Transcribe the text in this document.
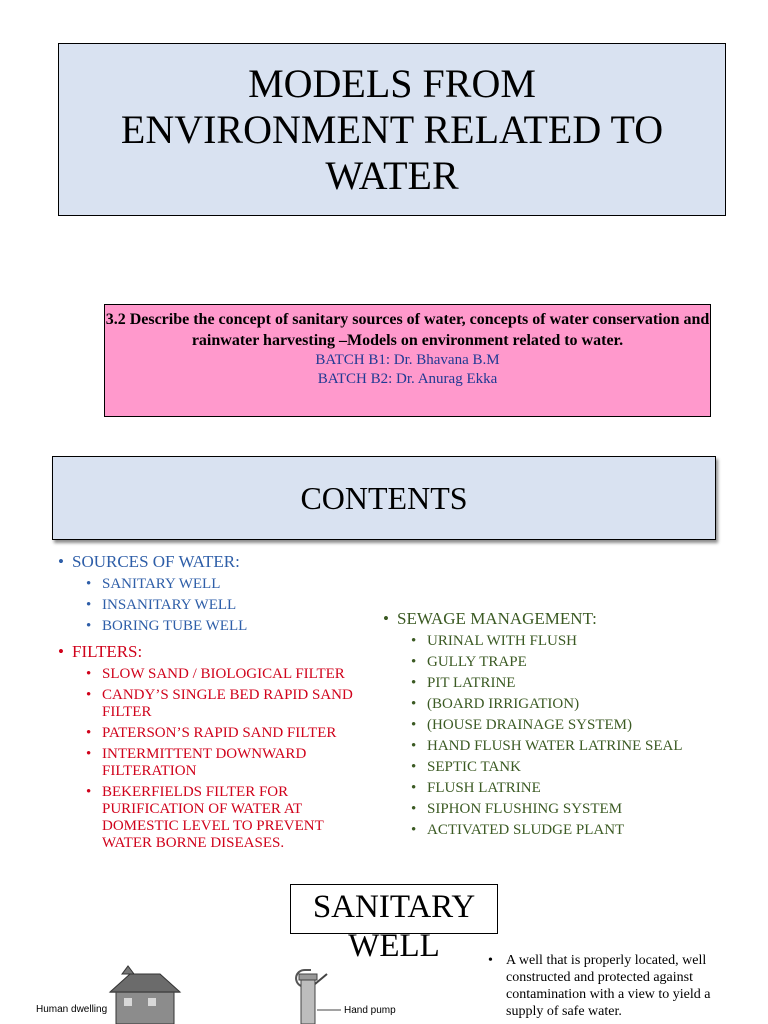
MODELS FROM
ENVIRONMENT RELATED TO
WATER
3.2 Describe the concept of sanitary sources of water, concepts of water conservation and rainwater harvesting –Models on environment related to water.
BATCH B1: Dr. Bhavana B.M
BATCH B2: Dr. Anurag Ekka
CONTENTS
• SOURCES OF WATER:
• SANITARY WELL
• INSANITARY WELL
• BORING TUBE WELL
• FILTERS:
• SLOW SAND / BIOLOGICAL FILTER
• CANDY’S SINGLE BED RAPID SAND FILTER
• PATERSON’S RAPID SAND FILTER
• INTERMITTENT DOWNWARD FILTERATION
• BEKERFIELDS FILTER FOR PURIFICATION OF WATER AT DOMESTIC LEVEL TO PREVENT WATER BORNE DISEASES.
• SEWAGE MANAGEMENT:
• URINAL WITH FLUSH
• GULLY TRAPE
• PIT LATRINE
• (BOARD IRRIGATION)
• (HOUSE DRAINAGE SYSTEM)
• HAND FLUSH WATER LATRINE SEAL
• SEPTIC TANK
• FLUSH LATRINE
• SIPHON FLUSHING SYSTEM
• ACTIVATED SLUDGE PLANT
SANITARY
WELL
Human dwelling	Hand pump
• A well that is properly located, well constructed and protected against contamination with a view to yield a supply of safe water.
